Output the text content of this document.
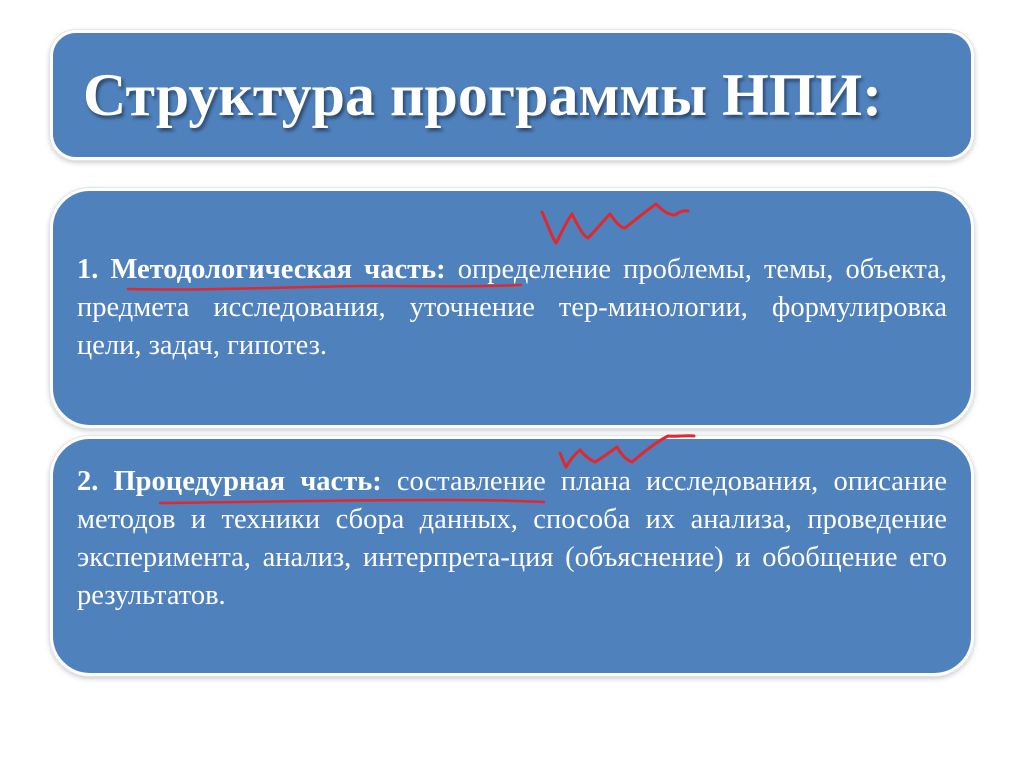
Структура программы НПИ:

1. Методологическая часть: определение проблемы, темы, объекта, предмета исследования, уточнение тер-минологии, формулировка цели, задач, гипотез.

2. Процедурная часть: составление плана исследования, описание методов и техники сбора данных, способа их анализа, проведение эксперимента, анализ, интерпрета-ция (объяснение) и обобщение его результатов.
